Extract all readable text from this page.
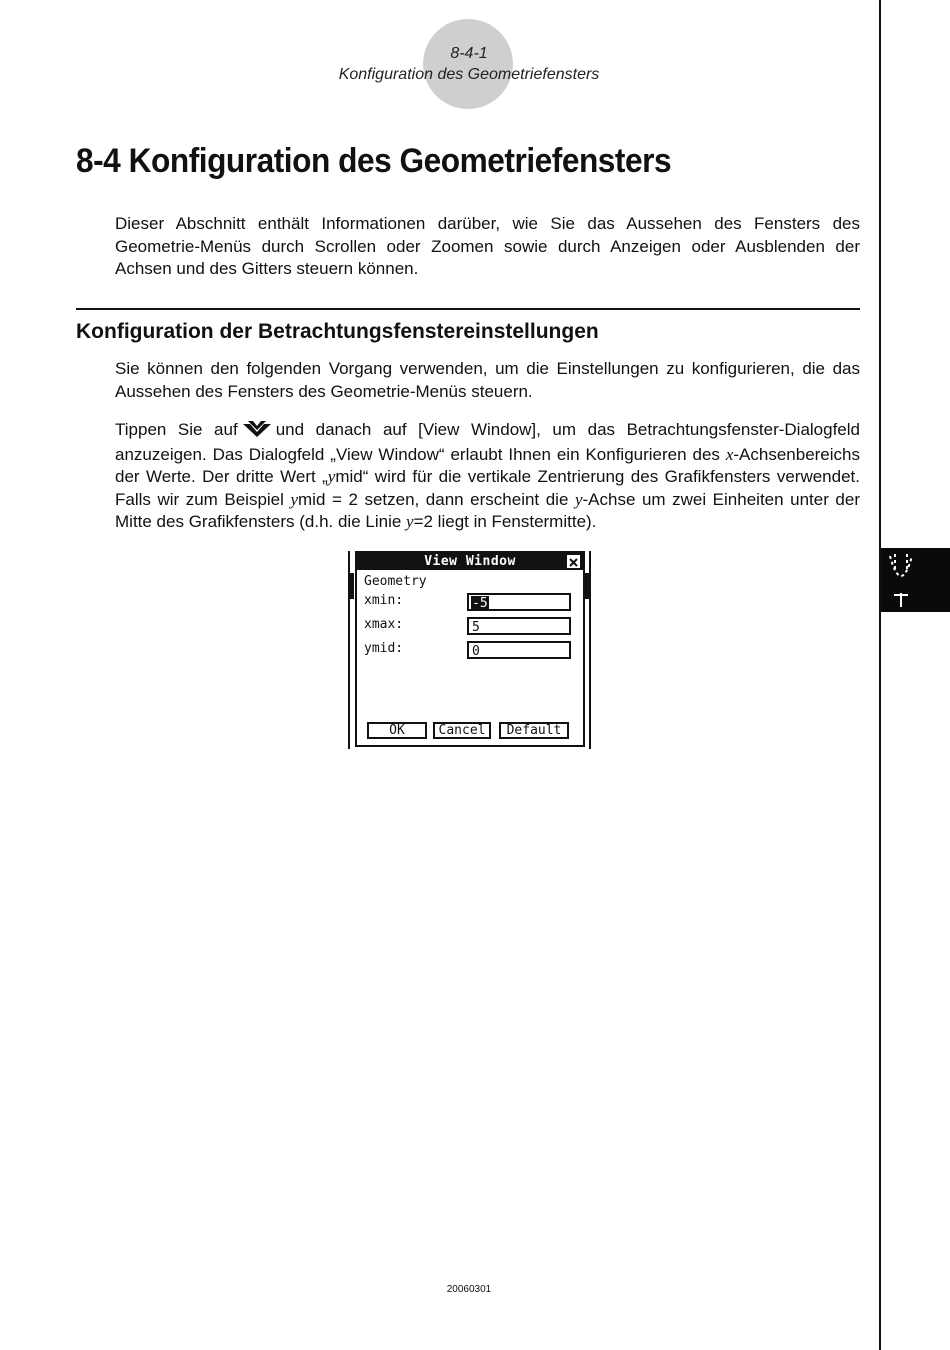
8-4-1
Konfiguration des Geometriefensters
8-4 Konfiguration des Geometriefensters
Dieser Abschnitt enthält Informationen darüber, wie Sie das Aussehen des Fensters des Geometrie-Menüs durch Scrollen oder Zoomen sowie durch Anzeigen oder Ausblenden der Achsen und des Gitters steuern können.
Konfiguration der Betrachtungsfenstereinstellungen
Sie können den folgenden Vorgang verwenden, um die Einstellungen zu konfigurieren, die das Aussehen des Fensters des Geometrie-Menüs steuern.
Tippen Sie auf und danach auf [View Window], um das Betrachtungsfenster-Dialogfeld anzuzeigen. Das Dialogfeld „View Window“ erlaubt Ihnen ein Konfigurieren des x-Achsenbereichs der Werte. Der dritte Wert „ymid“ wird für die vertikale Zentrierung des Grafikfensters verwendet. Falls wir zum Beispiel ymid = 2 setzen, dann erscheint die y-Achse um zwei Einheiten unter der Mitte des Grafikfensters (d.h. die Linie y=2 liegt in Fenstermitte).
View Window
Geometry
xmin:	-5
xmax:	5
ymid:	0
OK	Cancel	Default
20060301
